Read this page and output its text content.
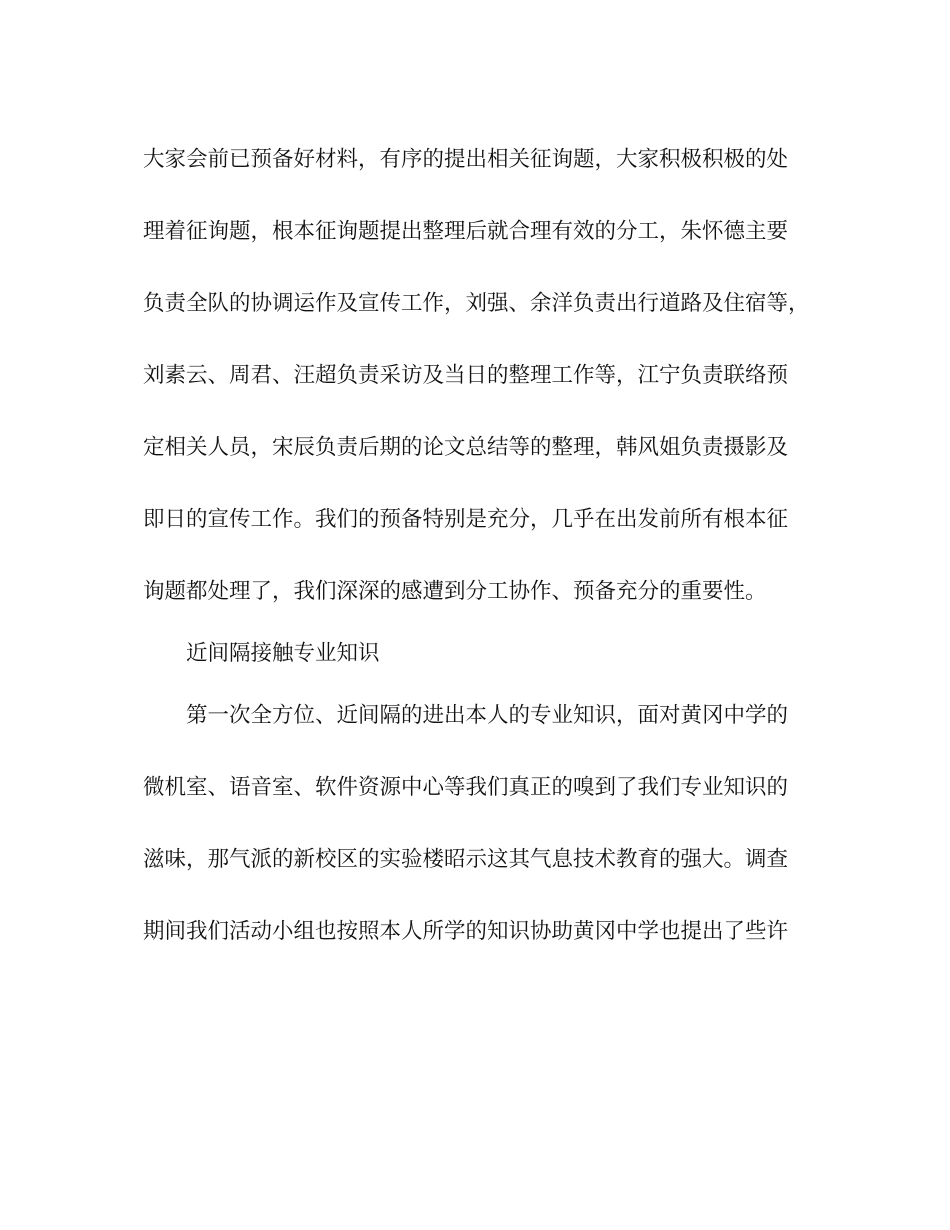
大家会前已预备好材料，有序的提出相关征询题，大家积极积极的处

理着征询题，根本征询题提出整理后就合理有效的分工，朱怀德主要

负责全队的协调运作及宣传工作，刘强、余洋负责出行道路及住宿等，

刘素云、周君、汪超负责采访及当日的整理工作等，江宁负责联络预

定相关人员，宋辰负责后期的论文总结等的整理，韩风姐负责摄影及

即日的宣传工作。我们的预备特别是充分，几乎在出发前所有根本征

询题都处理了，我们深深的感遭到分工协作、预备充分的重要性。

近间隔接触专业知识

第一次全方位、近间隔的进出本人的专业知识，面对黄冈中学的

微机室、语音室、软件资源中心等我们真正的嗅到了我们专业知识的

滋味，那气派的新校区的实验楼昭示这其气息技术教育的强大。调查

期间我们活动小组也按照本人所学的知识协助黄冈中学也提出了些许
